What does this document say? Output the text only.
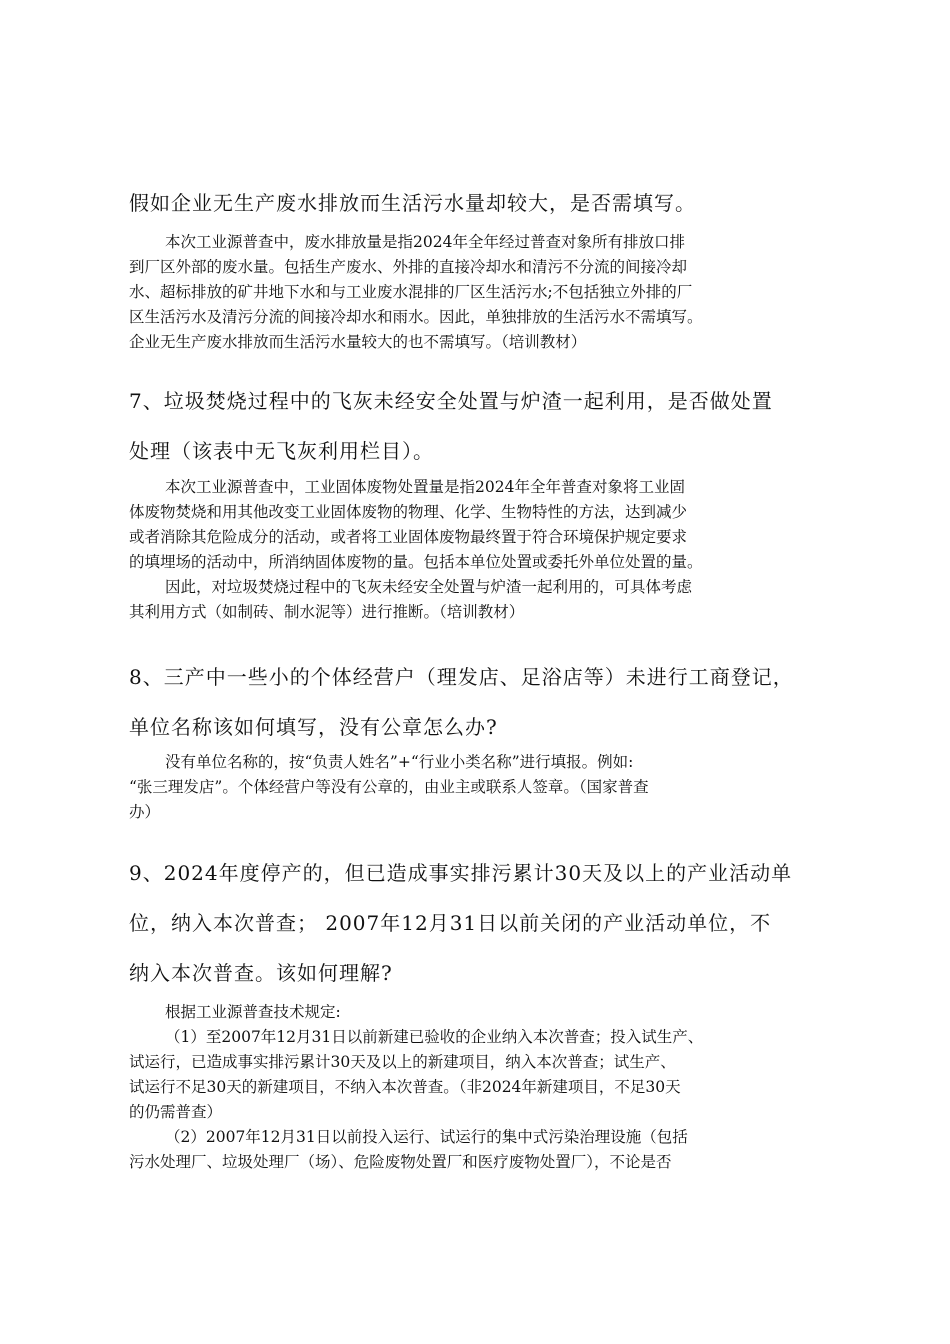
假如企业无生产废水排放而生活污水量却较大，是否需填写。
本次工业源普查中，废水排放量是指2024年全年经过普查对象所有排放口排
到厂区外部的废水量。包括生产废水、外排的直接冷却水和清污不分流的间接冷却
水、超标排放的矿井地下水和与工业废水混排的厂区生活污水;不包括独立外排的厂
区生活污水及清污分流的间接冷却水和雨水。因此，单独排放的生活污水不需填写。
企业无生产废水排放而生活污水量较大的也不需填写。（培训教材）
7、垃圾焚烧过程中的飞灰未经安全处置与炉渣一起利用，是否做处置
处理（该表中无飞灰利用栏目）。
本次工业源普查中，工业固体废物处置量是指2024年全年普查对象将工业固
体废物焚烧和用其他改变工业固体废物的物理、化学、生物特性的方法，达到减少
或者消除其危险成分的活动，或者将工业固体废物最终置于符合环境保护规定要求
的填埋场的活动中，所消纳固体废物的量。包括本单位处置或委托外单位处置的量。
因此，对垃圾焚烧过程中的飞灰未经安全处置与炉渣一起利用的，可具体考虑
其利用方式（如制砖、制水泥等）进行推断。（培训教材）
8、三产中一些小的个体经营户（理发店、足浴店等）未进行工商登记，
单位名称该如何填写，没有公章怎么办?
没有单位名称的，按“负责人姓名”+“行业小类名称”进行填报。例如:
“张三理发店”。个体经营户等没有公章的，由业主或联系人签章。（国家普查
办）
9、2024年度停产的，但已造成事实排污累计30天及以上的产业活动单
位，纳入本次普查； 2007年12月31日以前关闭的产业活动单位，不
纳入本次普查。该如何理解?
根据工业源普查技术规定:
（1）至2007年12月31日以前新建已验收的企业纳入本次普查；投入试生产、
试运行，已造成事实排污累计30天及以上的新建项目，纳入本次普查；试生产、
试运行不足30天的新建项目，不纳入本次普查。（非2024年新建项目，不足30天
的仍需普查）
（2）2007年12月31日以前投入运行、试运行的集中式污染治理设施（包括
污水处理厂、垃圾处理厂（场）、危险废物处置厂和医疗废物处置厂），不论是否
